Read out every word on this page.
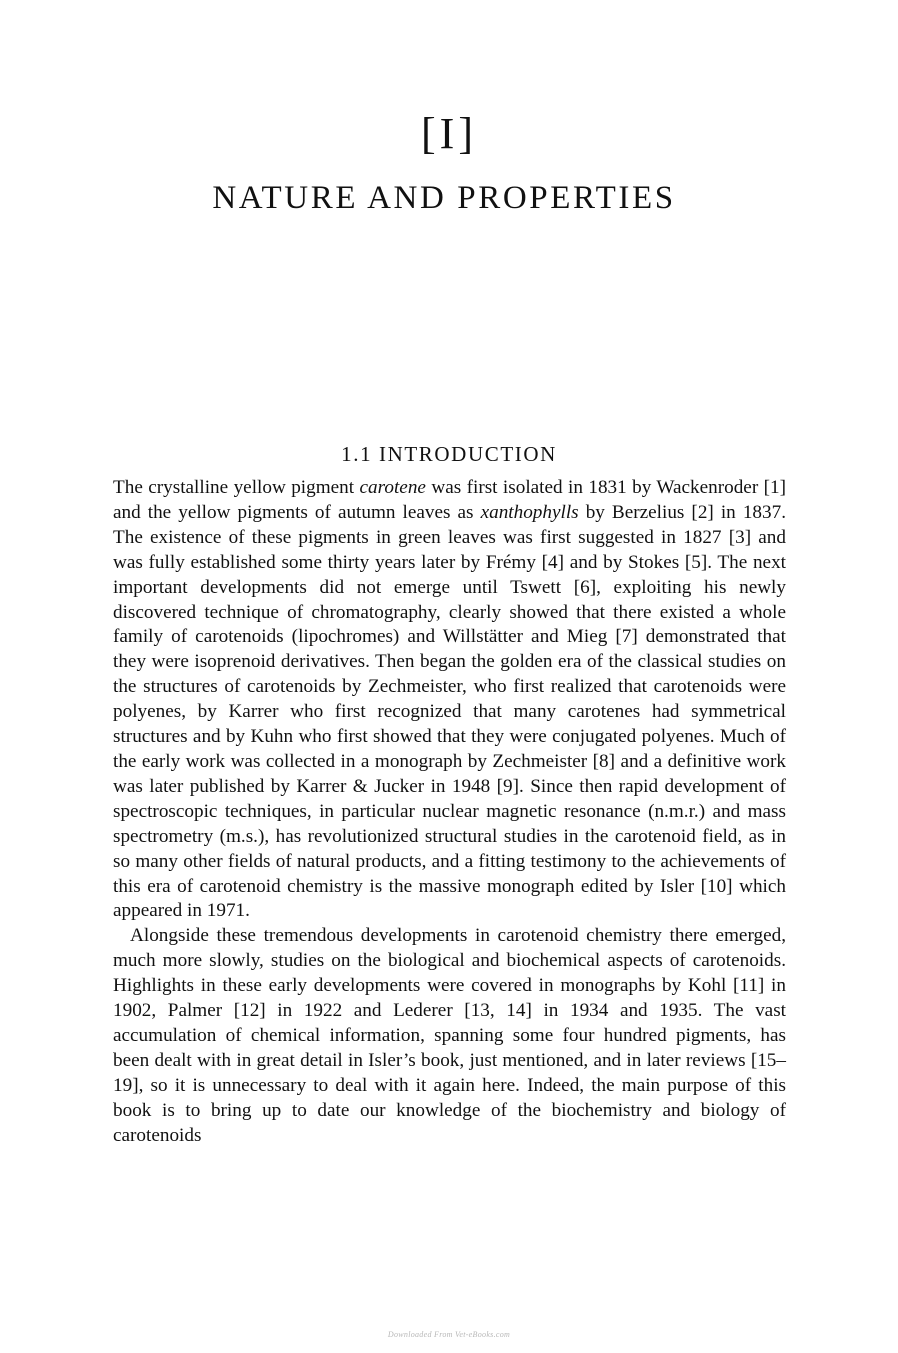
[I]
NATURE AND PROPERTIES
1.1 INTRODUCTION

The crystalline yellow pigment carotene was first isolated in 1831 by Wackenroder [1] and the yellow pigments of autumn leaves as xanthophylls by Berzelius [2] in 1837. The existence of these pigments in green leaves was first suggested in 1827 [3] and was fully established some thirty years later by Frémy [4] and by Stokes [5]. The next important developments did not emerge until Tswett [6], exploiting his newly discovered technique of chromatography, clearly showed that there existed a whole family of carotenoids (lipochromes) and Willstätter and Mieg [7] demonstrated that they were isoprenoid derivatives. Then began the golden era of the classical studies on the structures of carotenoids by Zechmeister, who first realized that carotenoids were polyenes, by Karrer who first recognized that many carotenes had symmetrical structures and by Kuhn who first showed that they were conjugated polyenes. Much of the early work was collected in a monograph by Zechmeister [8] and a definitive work was later published by Karrer & Jucker in 1948 [9]. Since then rapid development of spectroscopic techniques, in particular nuclear magnetic resonance (n.m.r.) and mass spectrometry (m.s.), has revolutionized structural studies in the carotenoid field, as in so many other fields of natural products, and a fitting testimony to the achievements of this era of carotenoid chemistry is the massive monograph edited by Isler [10] which appeared in 1971.

Alongside these tremendous developments in carotenoid chemistry there emerged, much more slowly, studies on the biological and biochemical aspects of carotenoids. Highlights in these early developments were covered in monographs by Kohl [11] in 1902, Palmer [12] in 1922 and Lederer [13, 14] in 1934 and 1935. The vast accumulation of chemical information, spanning some four hundred pigments, has been dealt with in great detail in Isler’s book, just mentioned, and in later reviews [15–19], so it is unnecessary to deal with it again here. Indeed, the main purpose of this book is to bring up to date our knowledge of the biochemistry and biology of carotenoids

Downloaded From Vet-eBooks.com
